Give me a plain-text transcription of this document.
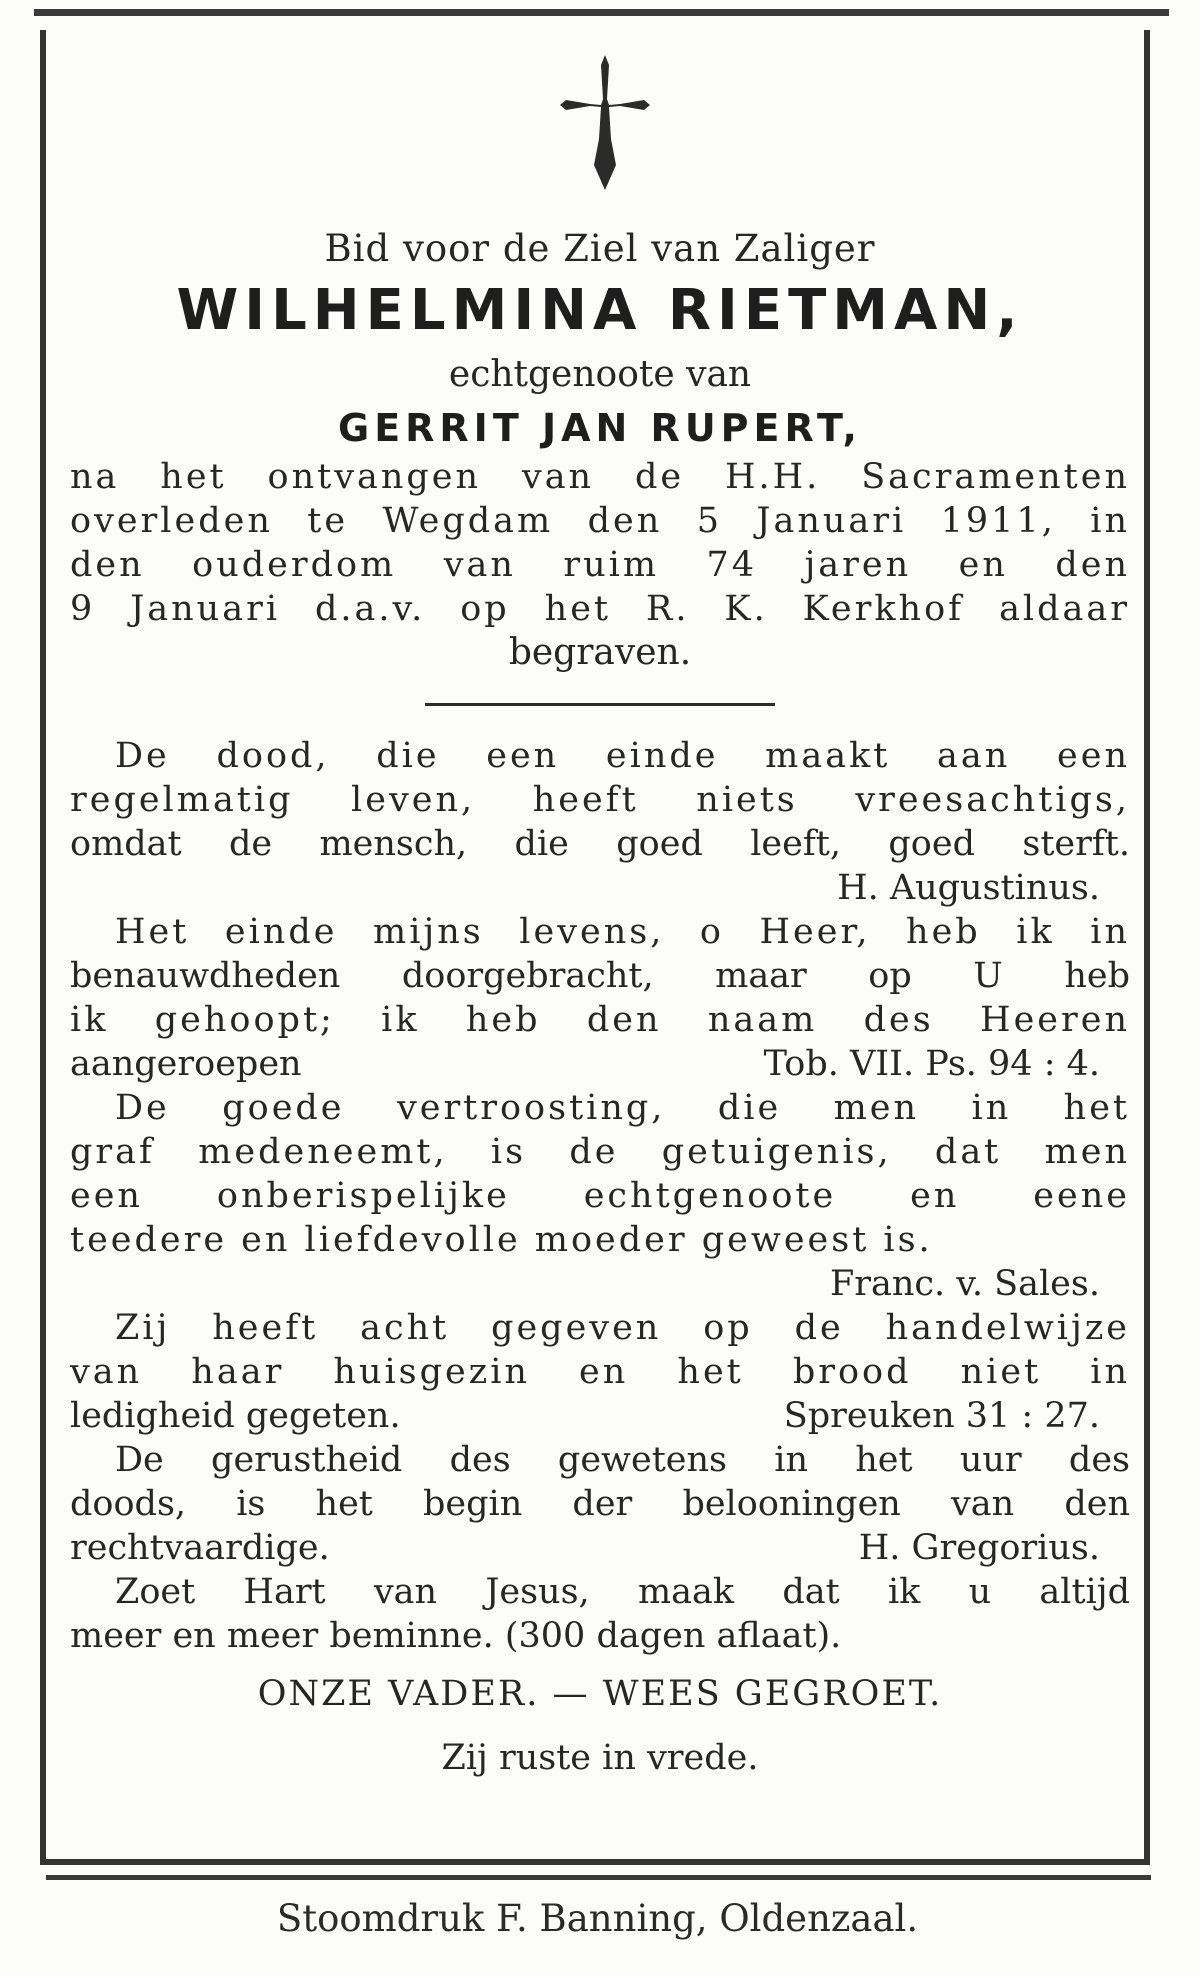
Bid voor de Ziel van Zaliger
WILHELMINA RIETMAN,
echtgenoote van
GERRIT JAN RUPERT,
na het ontvangen van de H.H. Sacramenten
overleden te Wegdam den 5 Januari 1911, in
den ouderdom van ruim 74 jaren en den
9 Januari d.a.v. op het R. K. Kerkhof aldaar
begraven.
De dood, die een einde maakt aan een
regelmatig leven, heeft niets vreesachtigs,
omdat de mensch, die goed leeft, goed sterft.
H. Augustinus.
Het einde mijns levens, o Heer, heb ik in
benauwdheden doorgebracht, maar op U heb
ik gehoopt; ik heb den naam des Heeren
aangeroepen	Tob. VII. Ps. 94 : 4.
De goede vertroosting, die men in het
graf medeneemt, is de getuigenis, dat men
een onberispelijke echtgenoote en eene
teedere en liefdevolle moeder geweest is.
Franc. v. Sales.
Zij heeft acht gegeven op de handelwijze
van haar huisgezin en het brood niet in
ledigheid gegeten.	Spreuken 31 : 27.
De gerustheid des gewetens in het uur des
doods, is het begin der belooningen van den
rechtvaardige.	H. Gregorius.
Zoet Hart van Jesus, maak dat ik u altijd
meer en meer beminne. (300 dagen aflaat).
ONZE VADER. — WEES GEGROET.
Zij ruste in vrede.
Stoomdruk F. Banning, Oldenzaal.
